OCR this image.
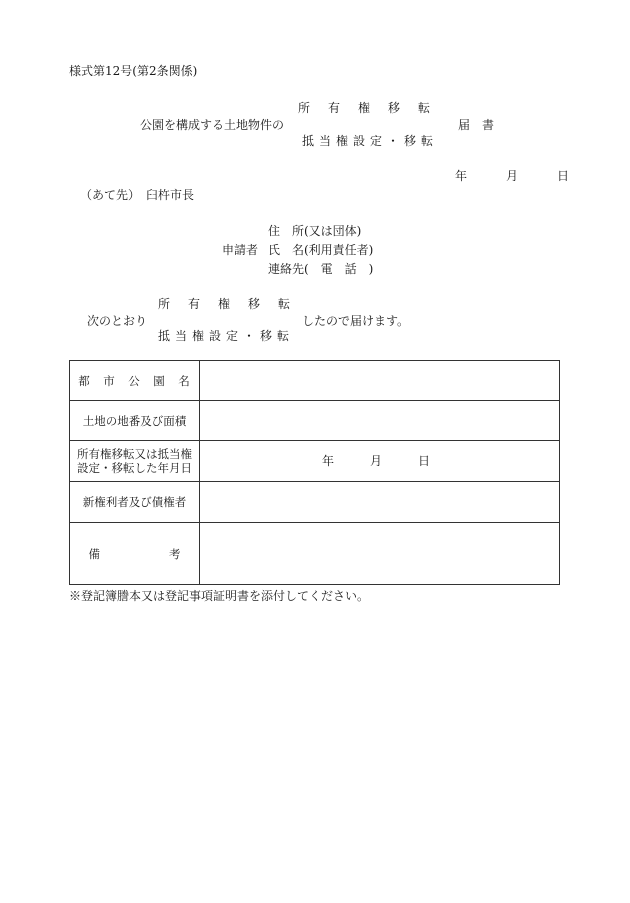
様式第12号(第2条関係)
所　有　権　移　転
公園を構成する土地物件の	届　書
抵当権設定・移転
年　　月　　日
（あて先）　臼杵市長
住　所(又は団体)
申請者 氏　名(利用責任者)
連絡先(　電　話　)
所　有　権　移　転
次のとおり	したので届けます。
抵当権設定・移転
都　市　公　園　名
土地の地番及び面積
所有権移転又は抵当権設定・移転した年月日	年　　　月　　　日
新権利者及び債権者
備　　　　　　考
※登記簿謄本又は登記事項証明書を添付してください。
